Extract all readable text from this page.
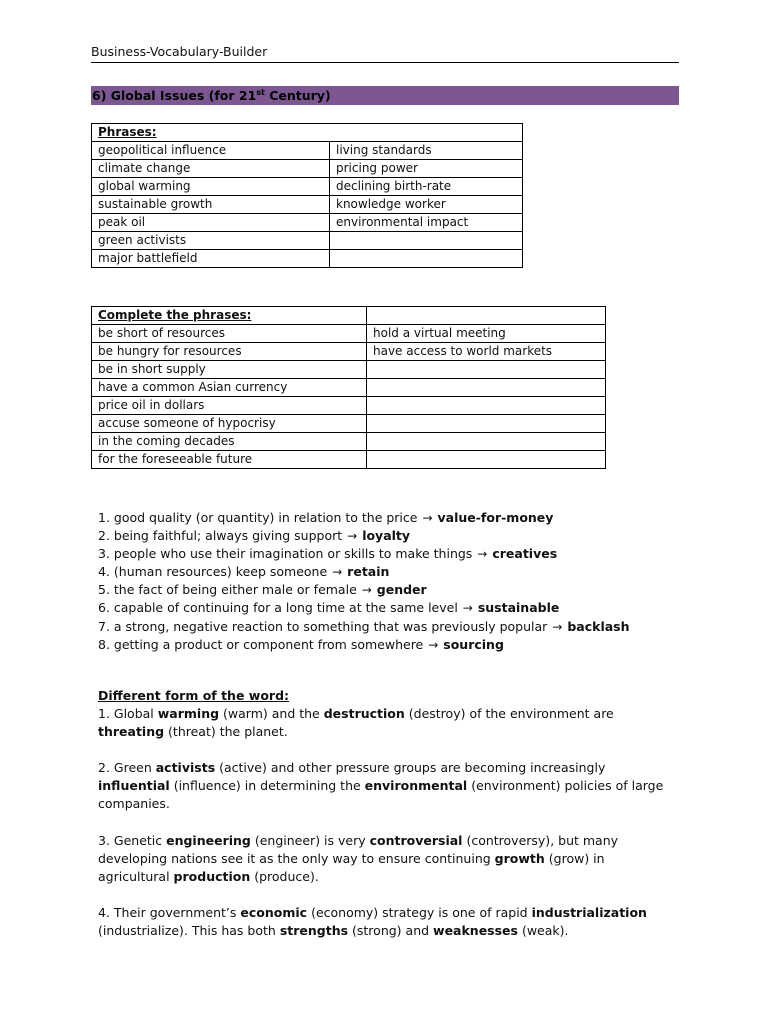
Business-Vocabulary-Builder
6) Global Issues (for 21st Century)
Phrases:	
geopolitical influence	living standards
climate change	pricing power
global warming	declining birth-rate
sustainable growth	knowledge worker
peak oil	environmental impact
green activists	
major battlefield	
Complete the phrases:	
be short of resources	hold a virtual meeting
be hungry for resources	have access to world markets
be in short supply	
have a common Asian currency	
price oil in dollars	
accuse someone of hypocrisy	
in the coming decades	
for the foreseeable future	
1. good quality (or quantity) in relation to the price → value-for-money
2. being faithful; always giving support → loyalty
3. people who use their imagination or skills to make things → creatives
4. (human resources) keep someone → retain
5. the fact of being either male or female → gender
6. capable of continuing for a long time at the same level → sustainable
7. a strong, negative reaction to something that was previously popular → backlash
8. getting a product or component from somewhere → sourcing
Different form of the word:

1. Global warming (warm) and the destruction (destroy) of the environment are threating (threat) the planet.

2. Green activists (active) and other pressure groups are becoming increasingly influential (influence) in determining the environmental (environment) policies of large companies.

3. Genetic engineering (engineer) is very controversial (controversy), but many developing nations see it as the only way to ensure continuing growth (grow) in agricultural production (produce).

4. Their government’s economic (economy) strategy is one of rapid industrialization (industrialize). This has both strengths (strong) and weaknesses (weak).
